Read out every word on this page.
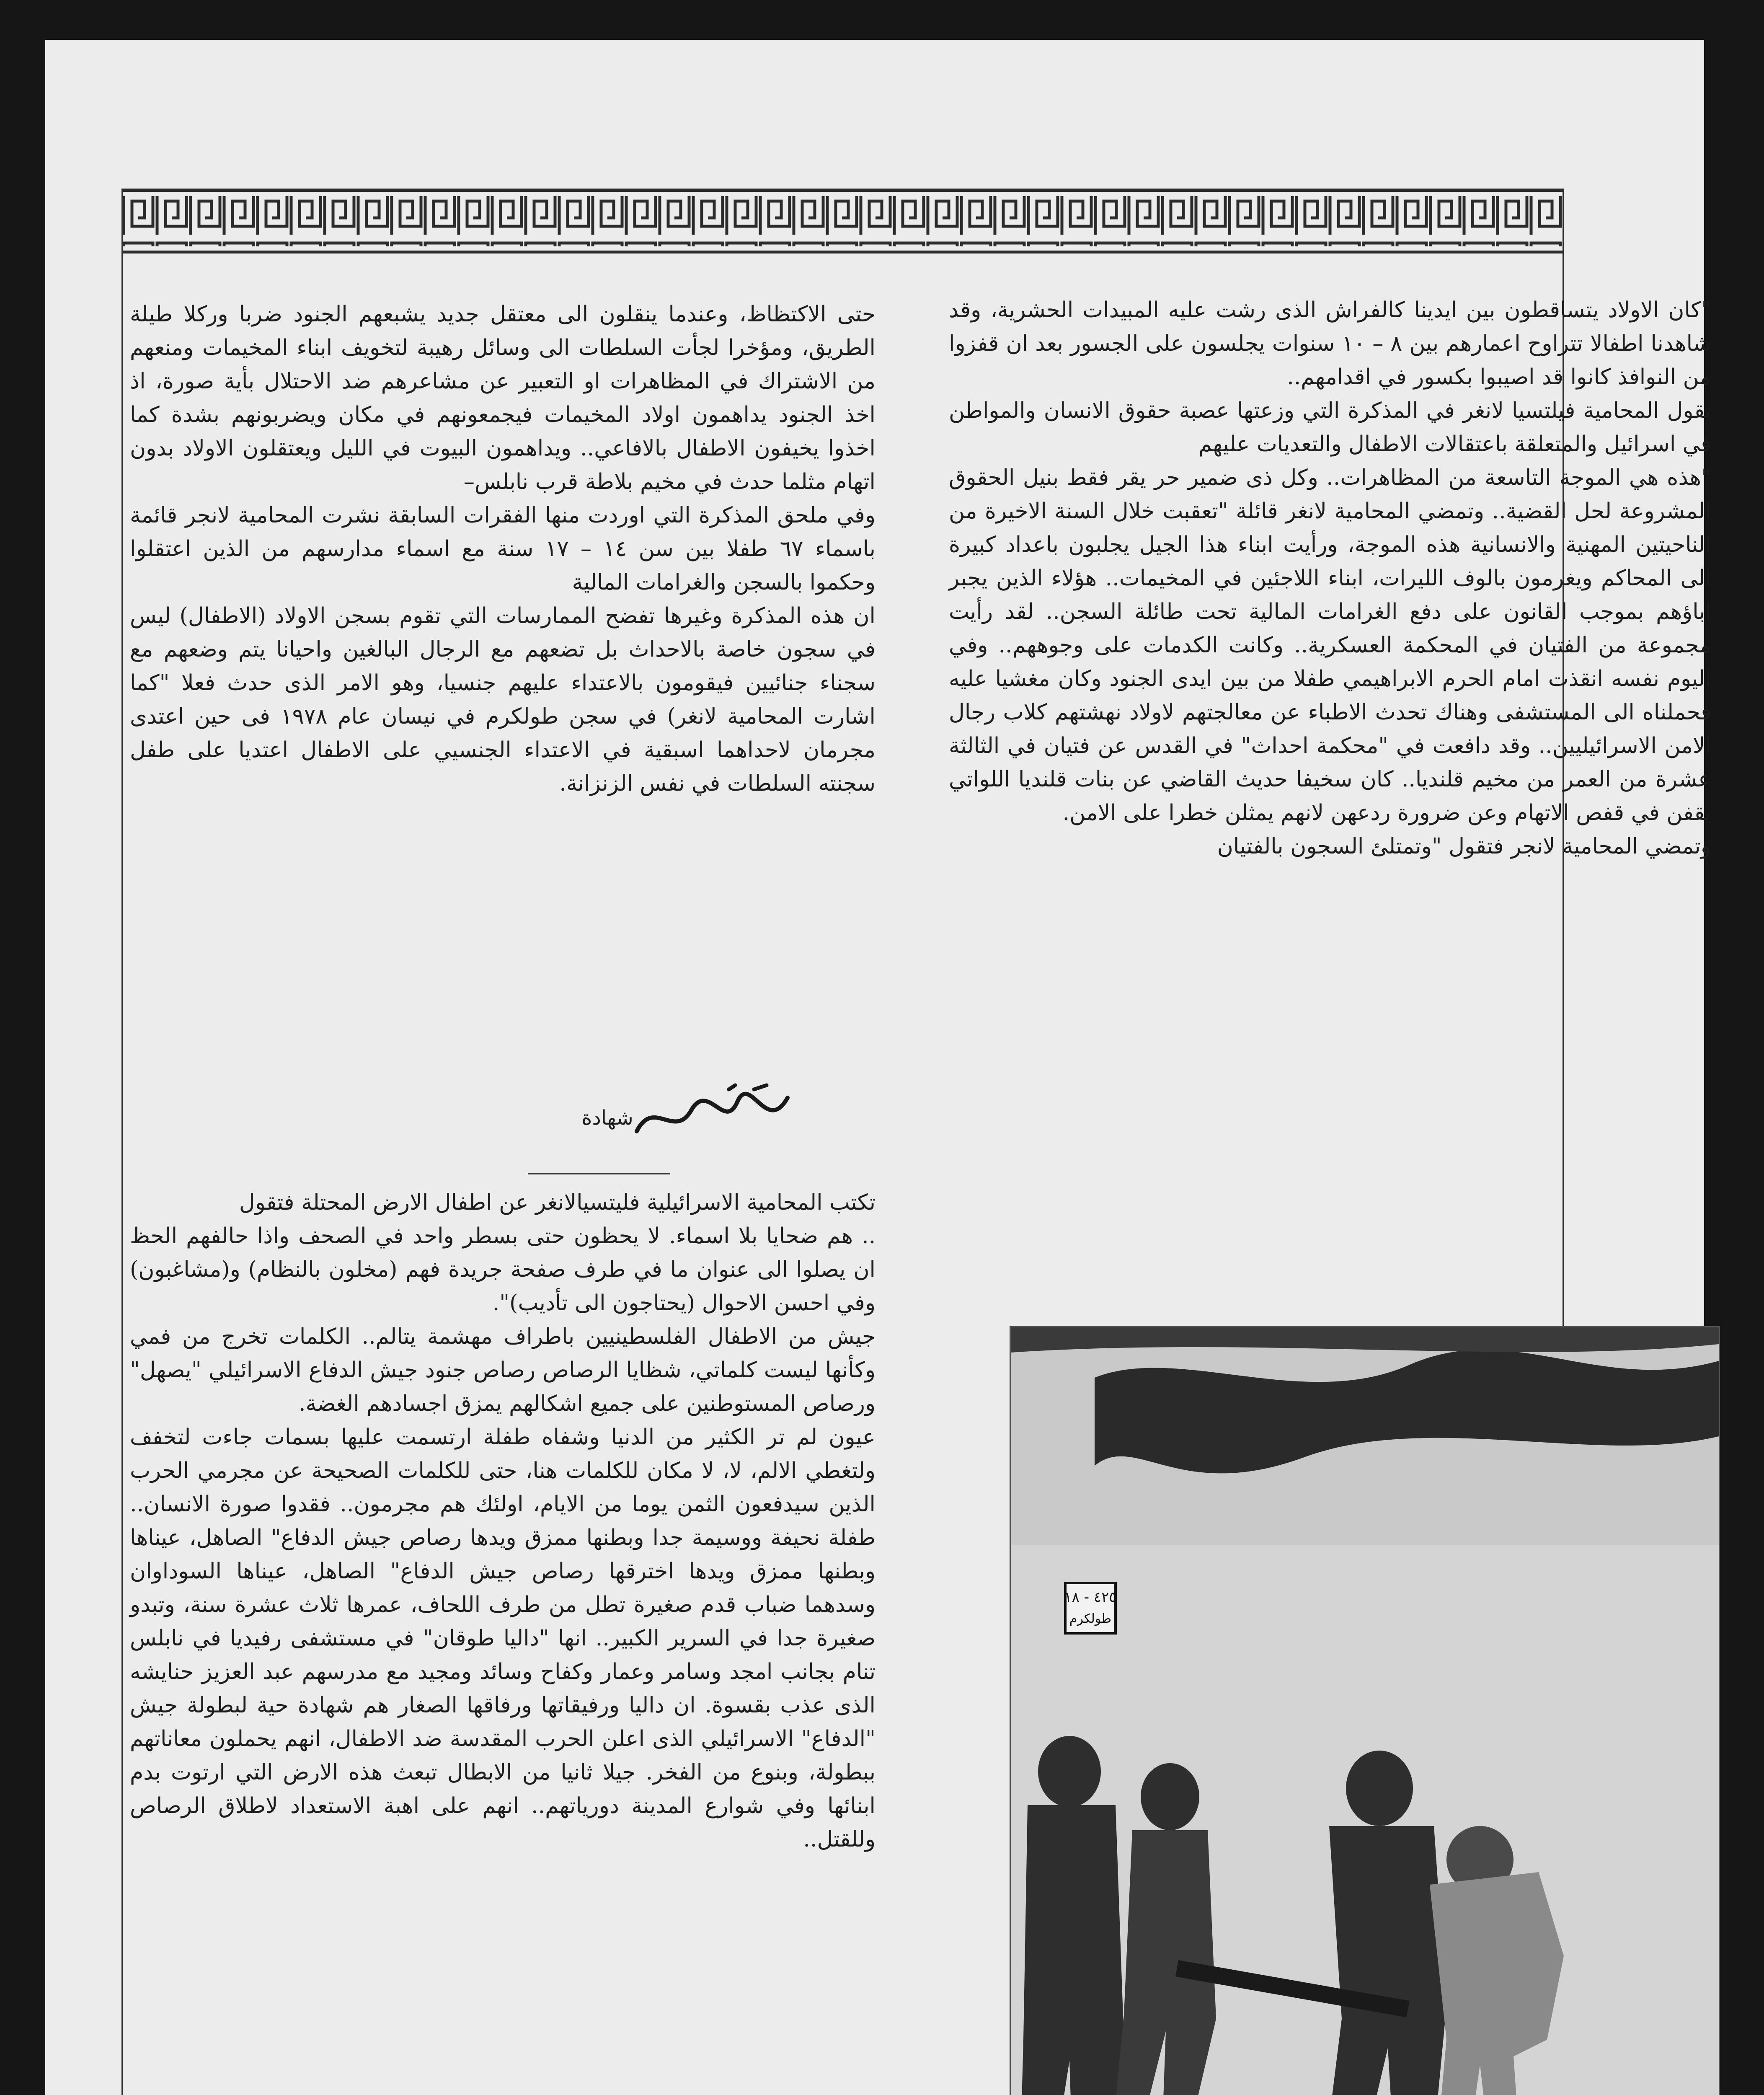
"كان الاولاد يتساقطون بين ايدينا كالفراش الذى رشت عليه المبيدات الحشرية، وقد شاهدنا اطفالا تتراوح اعمارهم بين ٨ – ١٠ سنوات يجلسون على الجسور بعد ان قفزوا من النوافذ كانوا قد اصيبوا بكسور في اقدامهم..
تقول المحامية فيلتسيا لانغر في المذكرة التي وزعتها عصبة حقوق الانسان والمواطن في اسرائيل والمتعلقة باعتقالات الاطفال والتعديات عليهم
"هذه هي الموجة التاسعة من المظاهرات.. وكل ذى ضمير حر يقر فقط بنيل الحقوق المشروعة لحل القضية.. وتمضي المحامية لانغر قائلة "تعقبت خلال السنة الاخيرة من الناحيتين المهنية والانسانية هذه الموجة، ورأيت ابناء هذا الجيل يجلبون باعداد كبيرة الى المحاكم ويغرمون بالوف الليرات، ابناء اللاجئين في المخيمات.. هؤلاء الذين يجبر اباؤهم بموجب القانون على دفع الغرامات المالية تحت طائلة السجن.. لقد رأيت مجموعة من الفتيان في المحكمة العسكرية.. وكانت الكدمات على وجوههم.. وفي اليوم نفسه انقذت امام الحرم الابراهيمي طفلا من بين ايدى الجنود وكان مغشيا عليه فحملناه الى المستشفى وهناك تحدث الاطباء عن معالجتهم لاولاد نهشتهم كلاب رجال الامن الاسرائيليين.. وقد دافعت في "محكمة احداث" في القدس عن فتيان في الثالثة عشرة من العمر من مخيم قلنديا.. كان سخيفا حديث القاضي عن بنات قلنديا اللواتي يقفن في قفص الاتهام وعن ضرورة ردعهن لانهم يمثلن خطرا على الامن.
وتمضي المحامية لانجر فتقول "وتمتلئ السجون بالفتيان
حتى الاكتظاظ، وعندما ينقلون الى معتقل جديد يشبعهم الجنود ضربا وركلا طيلة الطريق، ومؤخرا لجأت السلطات الى وسائل رهيبة لتخويف ابناء المخيمات ومنعهم من الاشتراك في المظاهرات او التعبير عن مشاعرهم ضد الاحتلال بأية صورة، اذ اخذ الجنود يداهمون اولاد المخيمات فيجمعونهم في مكان ويضربونهم بشدة كما اخذوا يخيفون الاطفال بالافاعي.. ويداهمون البيوت في الليل ويعتقلون الاولاد بدون اتهام مثلما حدث في مخيم بلاطة قرب نابلس–
وفي ملحق المذكرة التي اوردت منها الفقرات السابقة نشرت المحامية لانجر قائمة باسماء ٦٧ طفلا بين سن ١٤ – ١٧ سنة مع اسماء مدارسهم من الذين اعتقلوا وحكموا بالسجن والغرامات المالية
ان هذه المذكرة وغيرها تفضح الممارسات التي تقوم بسجن الاولاد (الاطفال) ليس في سجون خاصة بالاحداث بل تضعهم مع الرجال البالغين واحيانا يتم وضعهم مع سجناء جنائيين فيقومون بالاعتداء عليهم جنسيا، وهو الامر الذى حدث فعلا "كما اشارت المحامية لانغر) في سجن طولكرم في نيسان عام ١٩٧٨ فى حين اعتدى مجرمان لاحداهما اسبقية في الاعتداء الجنسيي على الاطفال اعتديا على طفل سجنته السلطات في نفس الزنزانة.
شهادة
تكتب المحامية الاسرائيلية فليتسيالانغر عن اطفال الارض المحتلة فتقول
.. هم ضحايا بلا اسماء. لا يحظون حتى بسطر واحد في الصحف واذا حالفهم الحظ ان يصلوا الى عنوان ما في طرف صفحة جريدة فهم (مخلون بالنظام) و(مشاغبون) وفي احسن الاحوال (يحتاجون الى تأديب)".
جيش من الاطفال الفلسطينيين باطراف مهشمة يتالم.. الكلمات تخرج من فمي وكأنها ليست كلماتي، شظايا الرصاص رصاص جنود جيش الدفاع الاسرائيلي "يصهل" ورصاص المستوطنين على جميع اشكالهم يمزق اجسادهم الغضة.
عيون لم تر الكثير من الدنيا وشفاه طفلة ارتسمت عليها بسمات جاءت لتخفف ولتغطي الالم، لا، لا مكان للكلمات هنا، حتى للكلمات الصحيحة عن مجرمي الحرب الذين سيدفعون الثمن يوما من الايام، اولئك هم مجرمون.. فقدوا صورة الانسان.. طفلة نحيفة ووسيمة جدا وبطنها ممزق ويدها رصاص جيش الدفاع" الصاهل، عيناها وبطنها ممزق ويدها اخترقها رصاص جيش الدفاع" الصاهل، عيناها السوداوان وسدهما ضباب قدم صغيرة تطل من طرف اللحاف، عمرها ثلاث عشرة سنة، وتبدو صغيرة جدا في السرير الكبير.. انها "داليا طوقان" في مستشفى رفيديا في نابلس تنام بجانب امجد وسامر وعمار وكفاح وسائد ومجيد مع مدرسهم عبد العزيز حنايشه الذى عذب بقسوة. ان داليا ورفيقاتها ورفاقها الصغار هم شهادة حية لبطولة جيش "الدفاع" الاسرائيلي الذى اعلن الحرب المقدسة ضد الاطفال، انهم يحملون معاناتهم ببطولة، وبنوع من الفخر. جيلا ثانيا من الابطال تبعث هذه الارض التي ارتوت بدم ابنائها وفي شوارع المدينة دورياتهم.. انهم على اهبة الاستعداد لاطلاق الرصاص وللقتل..
٤٢٥ - ١٨
طولكرم
